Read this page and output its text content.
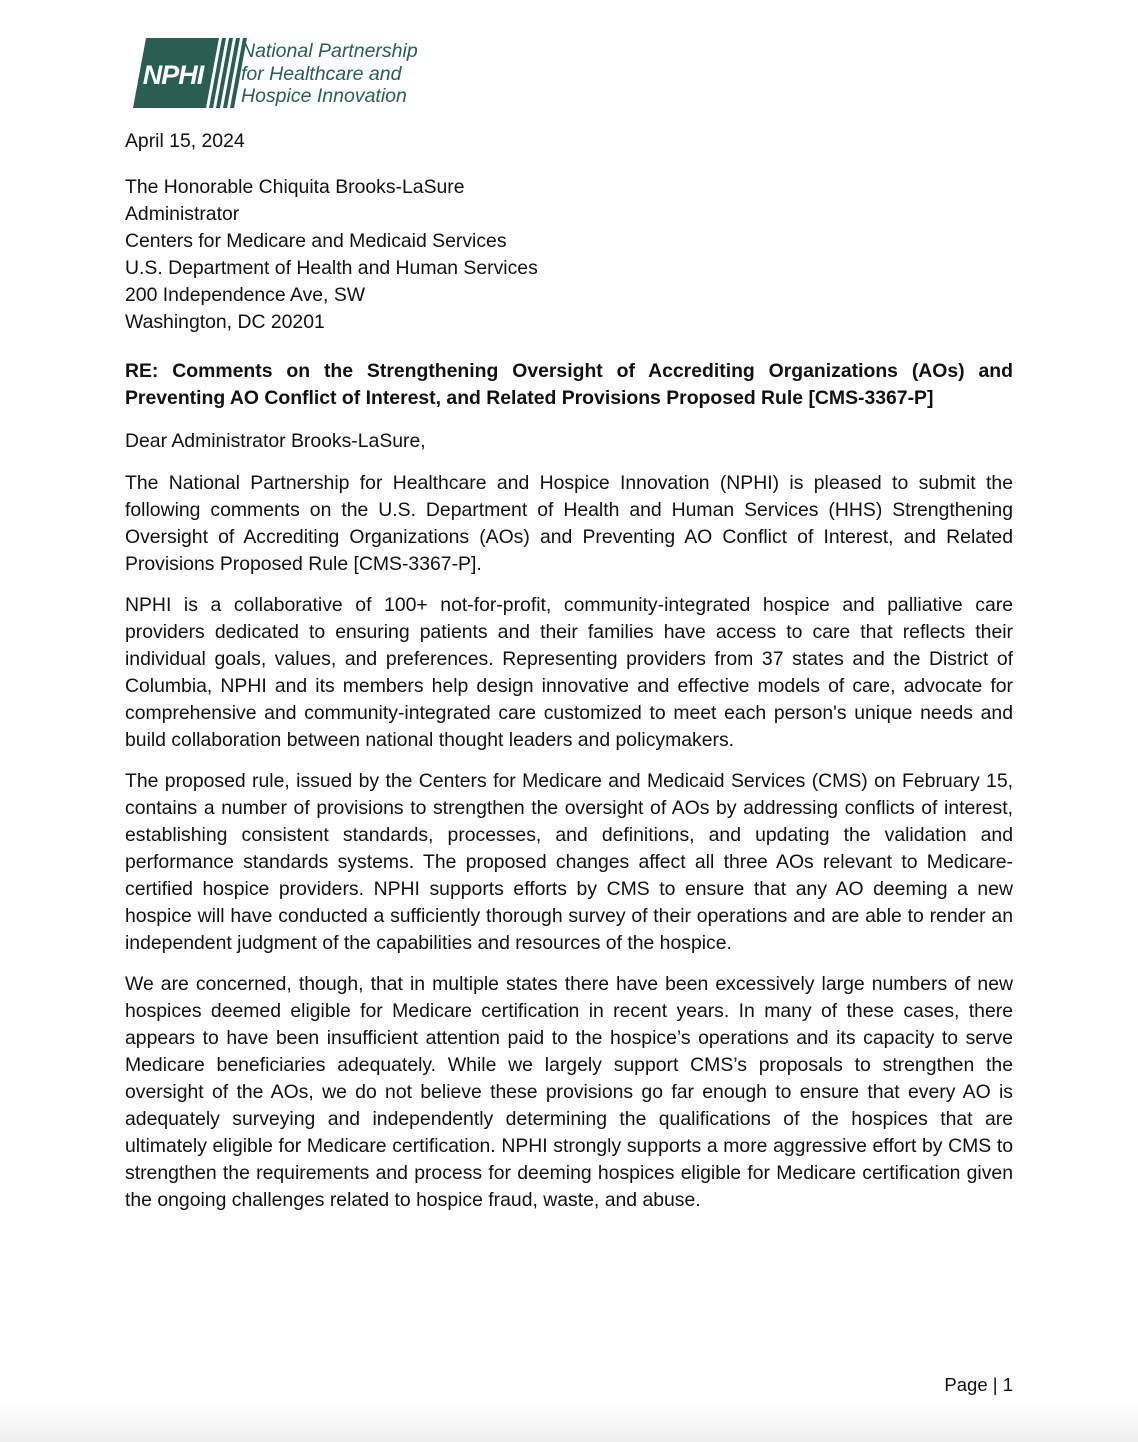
NPHI
National Partnership
for Healthcare and
Hospice Innovation
April 15, 2024
The Honorable Chiquita Brooks-LaSure
Administrator
Centers for Medicare and Medicaid Services
U.S. Department of Health and Human Services
200 Independence Ave, SW
Washington, DC 20201
RE: Comments on the Strengthening Oversight of Accrediting Organizations (AOs) and Preventing AO Conflict of Interest, and Related Provisions Proposed Rule [CMS-3367-P]
Dear Administrator Brooks-LaSure,
The National Partnership for Healthcare and Hospice Innovation (NPHI) is pleased to submit the following comments on the U.S. Department of Health and Human Services (HHS) Strengthening Oversight of Accrediting Organizations (AOs) and Preventing AO Conflict of Interest, and Related Provisions Proposed Rule [CMS-3367-P].
NPHI is a collaborative of 100+ not-for-profit, community-integrated hospice and palliative care providers dedicated to ensuring patients and their families have access to care that reflects their individual goals, values, and preferences. Representing providers from 37 states and the District of Columbia, NPHI and its members help design innovative and effective models of care, advocate for comprehensive and community-integrated care customized to meet each person's unique needs and build collaboration between national thought leaders and policymakers.
The proposed rule, issued by the Centers for Medicare and Medicaid Services (CMS) on February 15, contains a number of provisions to strengthen the oversight of AOs by addressing conflicts of interest, establishing consistent standards, processes, and definitions, and updating the validation and performance standards systems. The proposed changes affect all three AOs relevant to Medicare-certified hospice providers. NPHI supports efforts by CMS to ensure that any AO deeming a new hospice will have conducted a sufficiently thorough survey of their operations and are able to render an independent judgment of the capabilities and resources of the hospice.
We are concerned, though, that in multiple states there have been excessively large numbers of new hospices deemed eligible for Medicare certification in recent years. In many of these cases, there appears to have been insufficient attention paid to the hospice’s operations and its capacity to serve Medicare beneficiaries adequately. While we largely support CMS’s proposals to strengthen the oversight of the AOs, we do not believe these provisions go far enough to ensure that every AO is adequately surveying and independently determining the qualifications of the hospices that are ultimately eligible for Medicare certification. NPHI strongly supports a more aggressive effort by CMS to strengthen the requirements and process for deeming hospices eligible for Medicare certification given the ongoing challenges related to hospice fraud, waste, and abuse.
Page | 1
